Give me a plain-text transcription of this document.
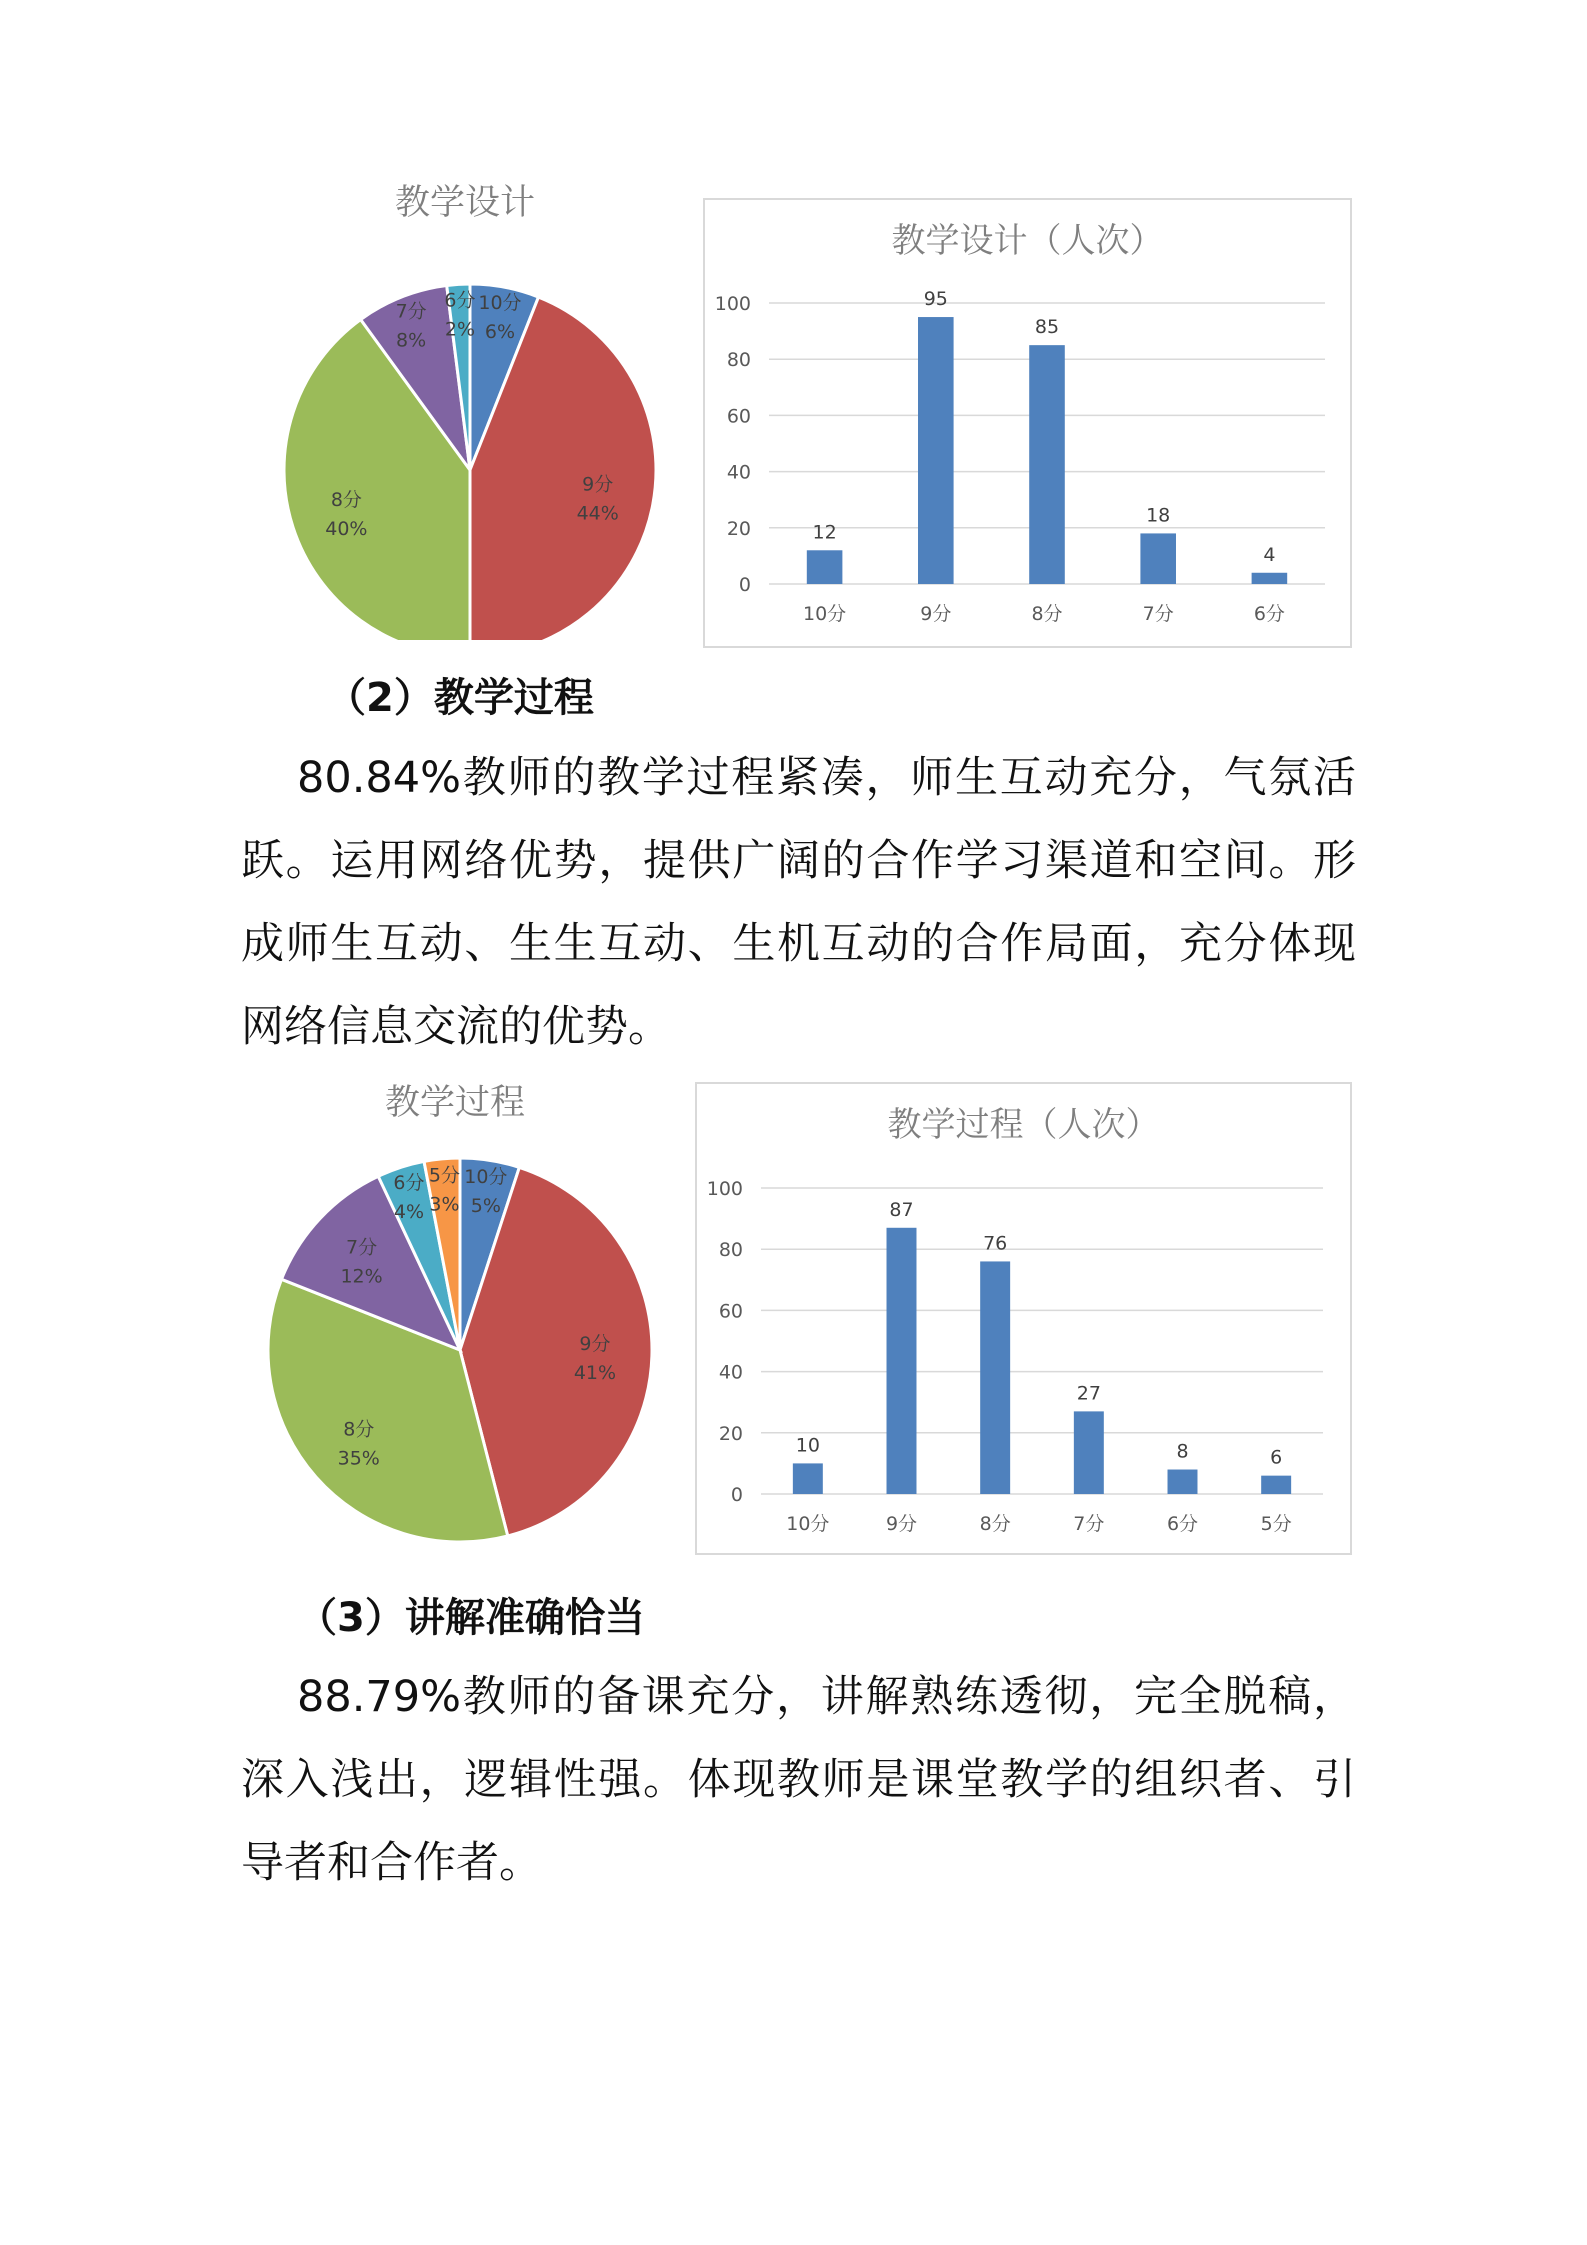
教学设计
10分
6%
9分
44%
8分
40%
7分
8%
6分
2%
教学设计（人次）
0
20
40
60
80
100
12
10分
95
9分
85
8分
18
7分
4
6分
（2）教学过程

80.84%教师的教学过程紧凑，师生互动充分，气氛活跃。运用网络优势，提供广阔的合作学习渠道和空间。形成师生互动、生生互动、生机互动的合作局面，充分体现网络信息交流的优势。

教学过程
10分
5%
9分
41%
8分
35%
7分
12%
6分
4%
5分
3%
教学过程（人次）
0
20
40
60
80
100
10
10分
87
9分
76
8分
27
7分
8
6分
6
5分
（3）讲解准确恰当

88.79%教师的备课充分，讲解熟练透彻，完全脱稿，深入浅出，逻辑性强。体现教师是课堂教学的组织者、引导者和合作者。
